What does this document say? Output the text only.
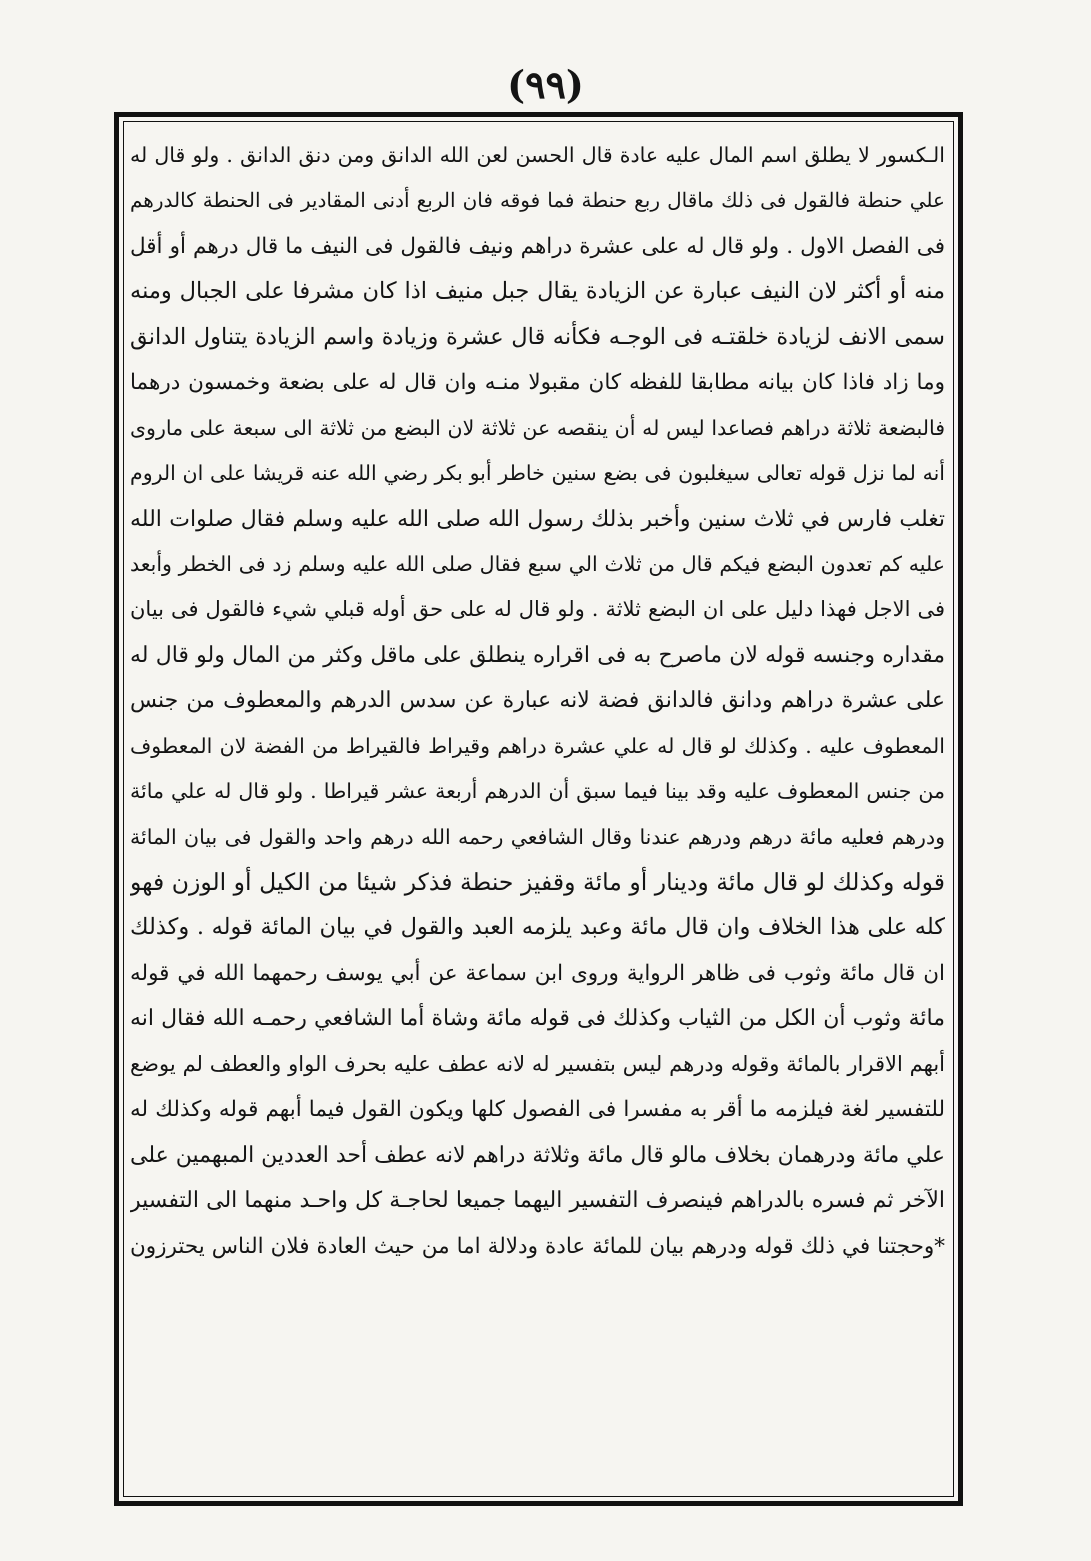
(٩٩)
الـكسور لا يطلق اسم المال عليه عادة قال الحسن لعن الله الدانق ومن دنق الدانق . ولو قال له
علي حنطة فالقول فى ذلك ماقال ربع حنطة فما فوقه فان الربع أدنى المقادير فى الحنطة كالدرهم
فى الفصل الاول . ولو قال له على عشرة دراهم ونيف فالقول فى النيف ما قال درهم أو أقل
منه أو أكثر لان النيف عبارة عن الزيادة يقال جبل منيف اذا كان مشرفا على الجبال ومنه
سمى الانف لزيادة خلقتـه فى الوجـه فكأنه قال عشرة وزيادة واسم الزيادة يتناول الدانق
وما زاد فاذا كان بيانه مطابقا للفظه كان مقبولا منـه وان قال له على بضعة وخمسون درهما
فالبضعة ثلاثة دراهم فصاعدا ليس له أن ينقصه عن ثلاثة لان البضع من ثلاثة الى سبعة على ماروى
أنه لما نزل قوله تعالى سيغلبون فى بضع سنين خاطر أبو بكر رضي الله عنه قريشا على ان الروم
تغلب فارس في ثلاث سنين وأخبر بذلك رسول الله صلى الله عليه وسلم فقال صلوات الله
عليه كم تعدون البضع فيكم قال من ثلاث الي سبع فقال صلى الله عليه وسلم زد فى الخطر وأبعد
فى الاجل فهذا دليل على ان البضع ثلاثة . ولو قال له على حق أوله قبلي شيء فالقول فى بيان
مقداره وجنسه قوله لان ماصرح به فى اقراره ينطلق على ماقل وكثر من المال ولو قال له
على عشرة دراهم ودانق فالدانق فضة لانه عبارة عن سدس الدرهم والمعطوف من جنس
المعطوف عليه . وكذلك لو قال له علي عشرة دراهم وقيراط فالقيراط من الفضة لان المعطوف
من جنس المعطوف عليه وقد بينا فيما سبق أن الدرهم أربعة عشر قيراطا . ولو قال له علي مائة
ودرهم فعليه مائة درهم ودرهم عندنا وقال الشافعي رحمه الله درهم واحد والقول فى بيان المائة
قوله وكذلك لو قال مائة ودينار أو مائة وقفيز حنطة فذكر شيئا من الكيل أو الوزن فهو
كله على هذا الخلاف وان قال مائة وعبد يلزمه العبد والقول في بيان المائة قوله . وكذلك
ان قال مائة وثوب فى ظاهر الرواية وروى ابن سماعة عن أبي يوسف رحمهما الله في قوله
مائة وثوب أن الكل من الثياب وكذلك فى قوله مائة وشاة أما الشافعي رحمـه الله فقال انه
أبهم الاقرار بالمائة وقوله ودرهم ليس بتفسير له لانه عطف عليه بحرف الواو والعطف لم يوضع
للتفسير لغة فيلزمه ما أقر به مفسرا فى الفصول كلها ويكون القول فيما أبهم قوله وكذلك له
علي مائة ودرهمان بخلاف مالو قال مائة وثلاثة دراهم لانه عطف أحد العددين المبهمين على
الآخر ثم فسره بالدراهم فينصرف التفسير اليهما جميعا لحاجـة كل واحـد منهما الى التفسير
*وحجتنا في ذلك قوله ودرهم بيان للمائة عادة ودلالة اما من حيث العادة فلان الناس يحترزون
